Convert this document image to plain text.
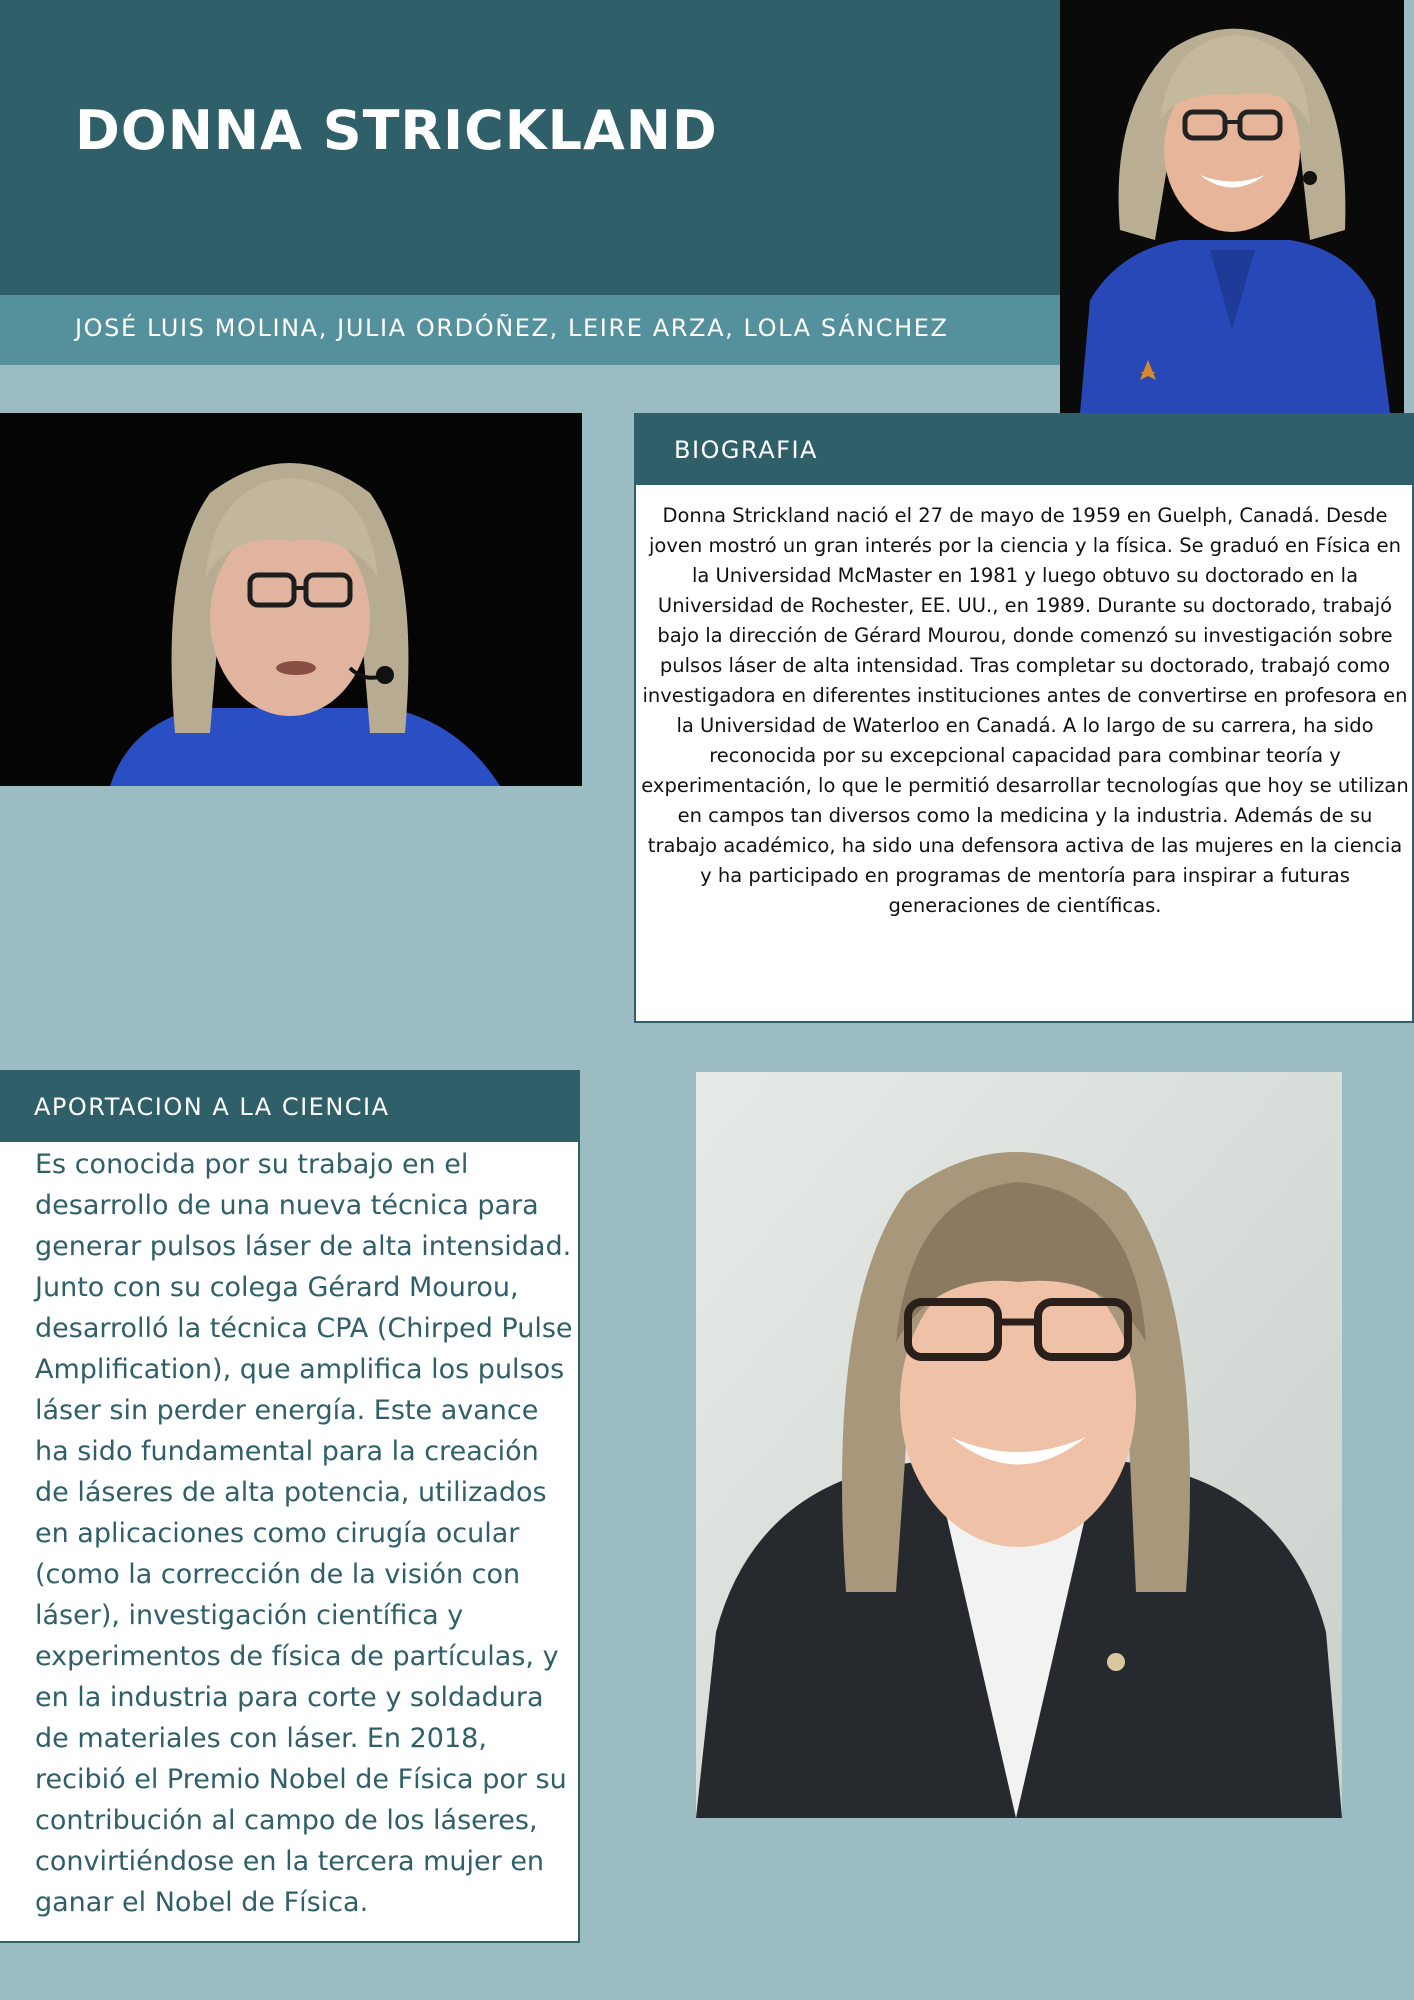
DONNA STRICKLAND

JOSÉ LUIS MOLINA, JULIA ORDÓÑEZ, LEIRE ARZA, LOLA SÁNCHEZ

BIOGRAFIA

Donna Strickland nació el 27 de mayo de 1959 en Guelph, Canadá. Desde joven mostró un gran interés por la ciencia y la física. Se graduó en Física en la Universidad McMaster en 1981 y luego obtuvo su doctorado en la Universidad de Rochester, EE. UU., en 1989. Durante su doctorado, trabajó bajo la dirección de Gérard Mourou, donde comenzó su investigación sobre pulsos láser de alta intensidad. Tras completar su doctorado, trabajó como investigadora en diferentes instituciones antes de convertirse en profesora en la Universidad de Waterloo en Canadá. A lo largo de su carrera, ha sido reconocida por su excepcional capacidad para combinar teoría y experimentación, lo que le permitió desarrollar tecnologías que hoy se utilizan en campos tan diversos como la medicina y la industria. Además de su trabajo académico, ha sido una defensora activa de las mujeres en la ciencia y ha participado en programas de mentoría para inspirar a futuras generaciones de científicas.

APORTACION A LA CIENCIA

Es conocida por su trabajo en el desarrollo de una nueva técnica para generar pulsos láser de alta intensidad. Junto con su colega Gérard Mourou, desarrolló la técnica CPA (Chirped Pulse Amplification), que amplifica los pulsos láser sin perder energía. Este avance ha sido fundamental para la creación de láseres de alta potencia, utilizados en aplicaciones como cirugía ocular (como la corrección de la visión con láser), investigación científica y experimentos de física de partículas, y en la industria para corte y soldadura de materiales con láser. En 2018, recibió el Premio Nobel de Física por su contribución al campo de los láseres, convirtiéndose en la tercera mujer en ganar el Nobel de Física.
